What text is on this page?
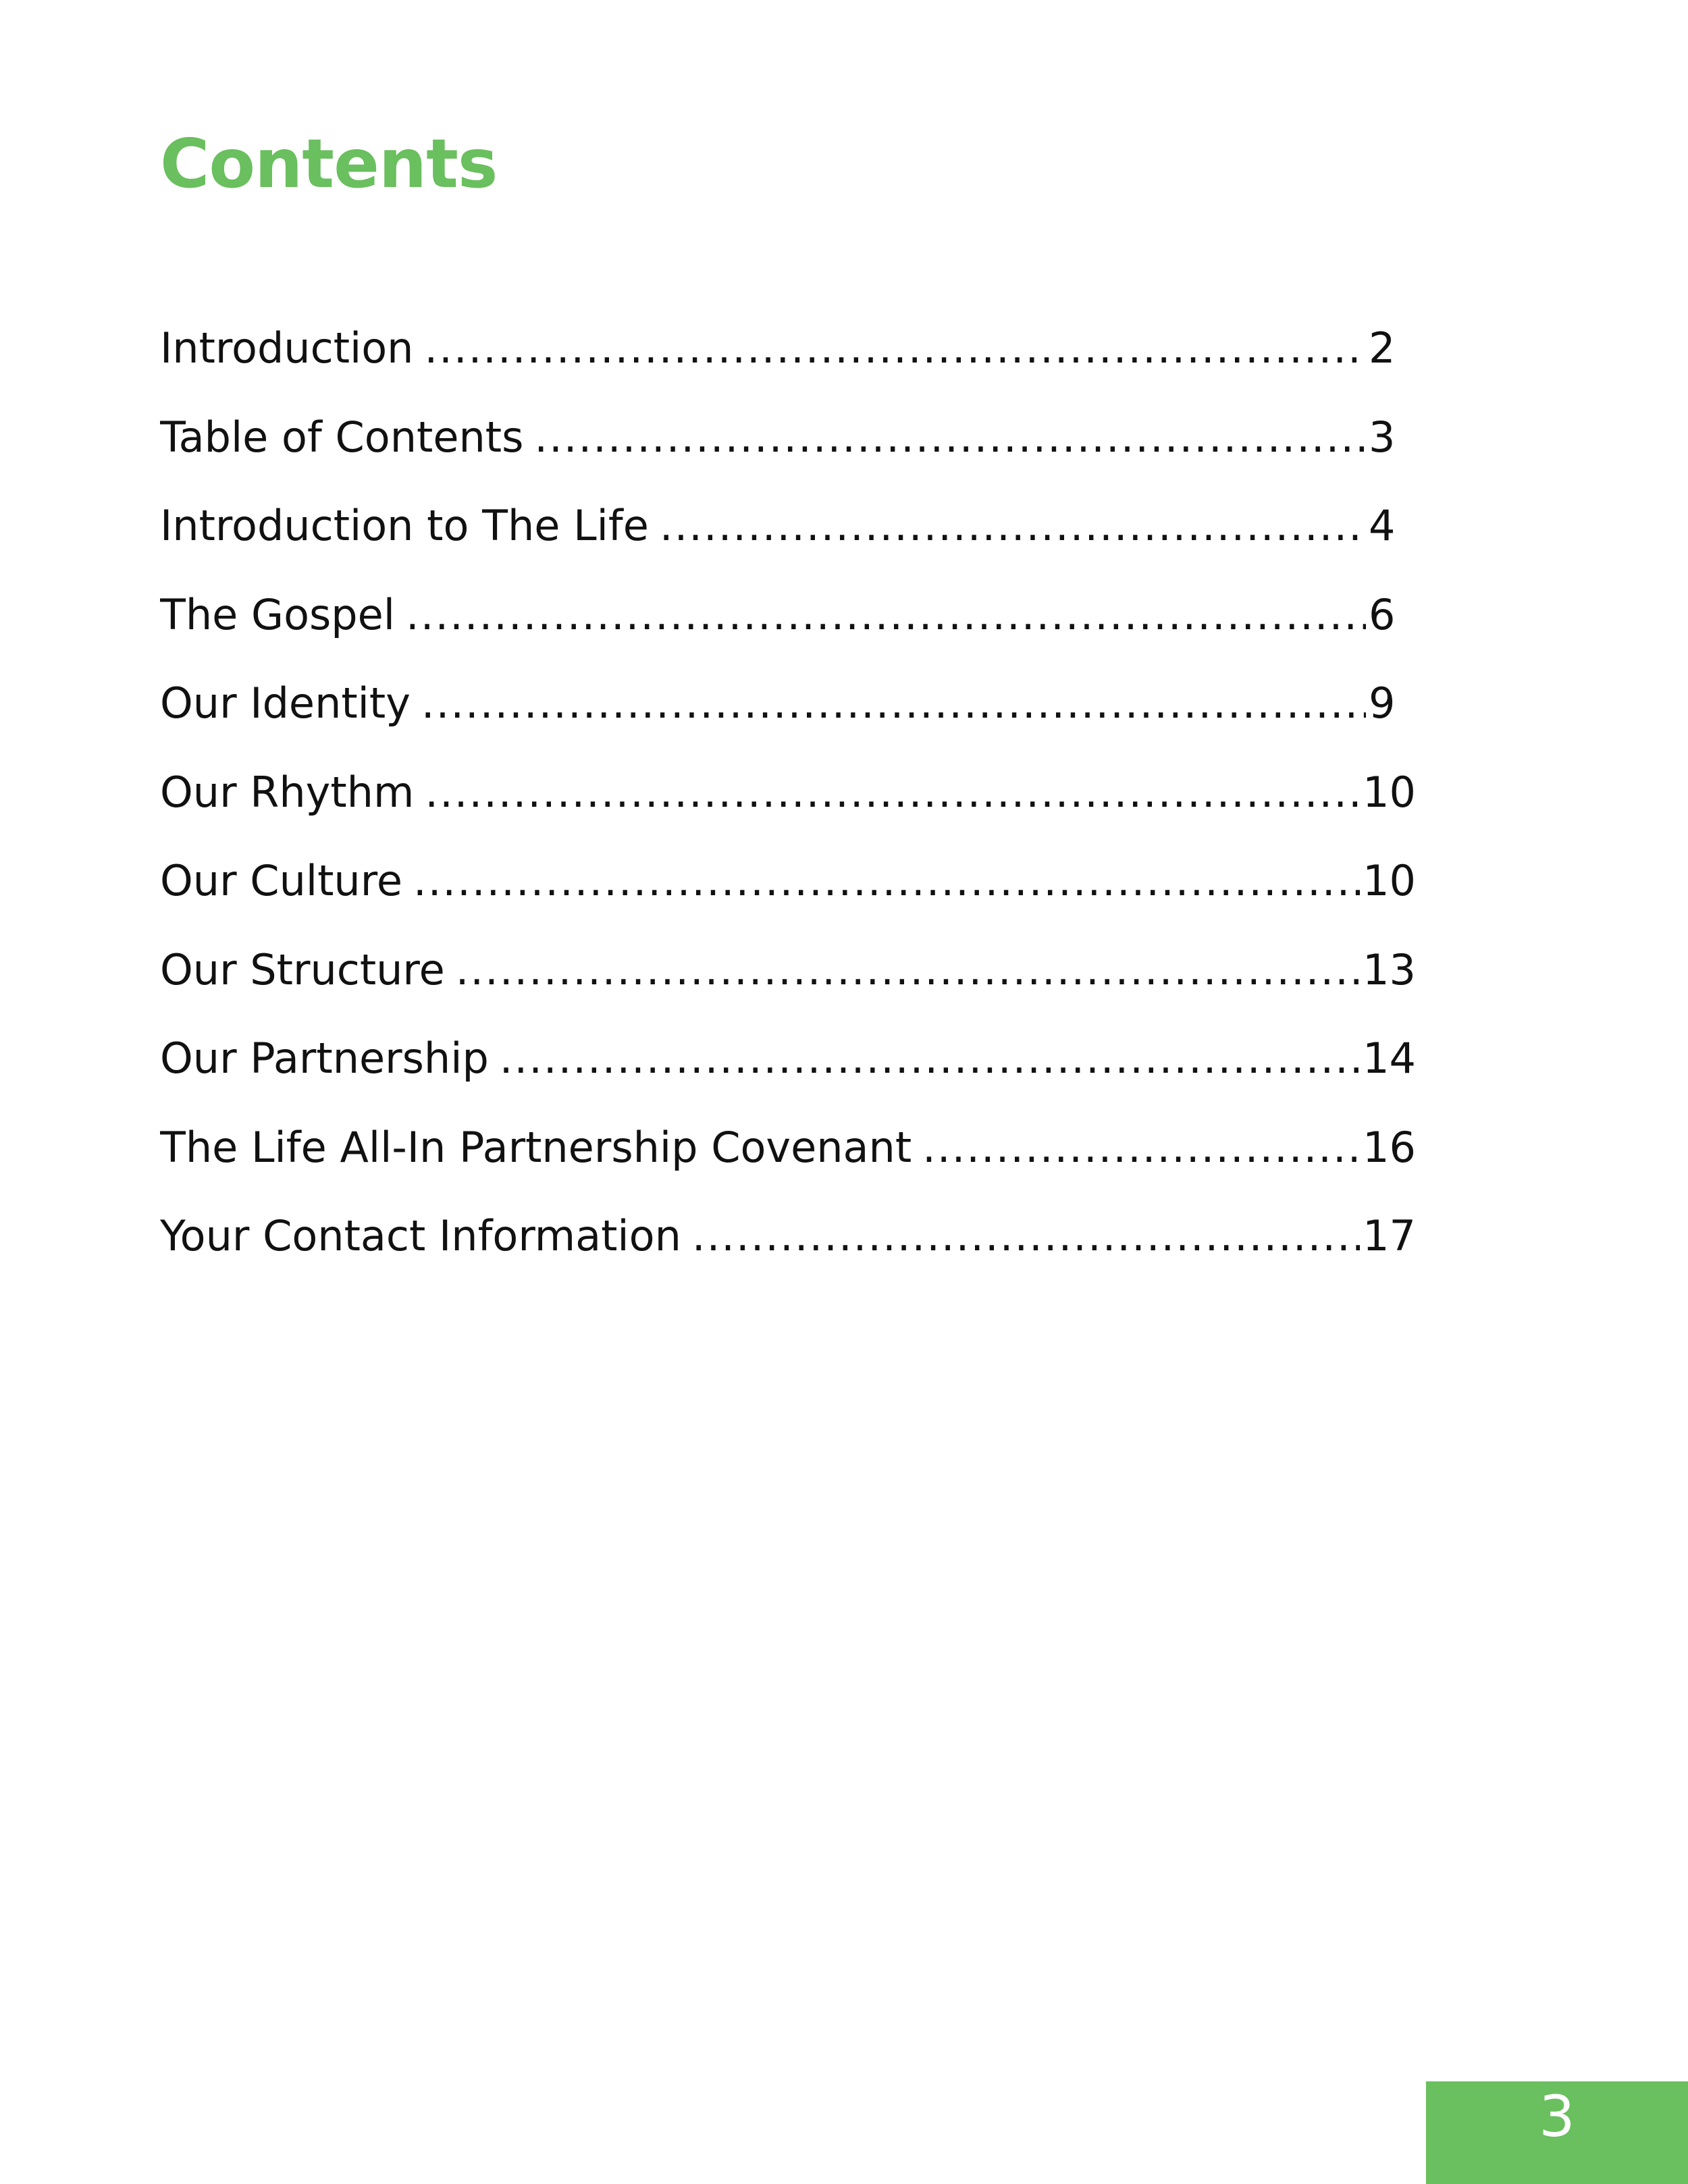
Contents
Introduction .....	2
Table of Contents .....	3
Introduction to The Life .....	4
The Gospel .....	6
Our Identity .....	9
Our Rhythm .....	10
Our Culture .....	10
Our Structure .....	13
Our Partnership .....	14
The Life All-In Partnership Covenant .....	16
Your Contact Information .....	17
3
